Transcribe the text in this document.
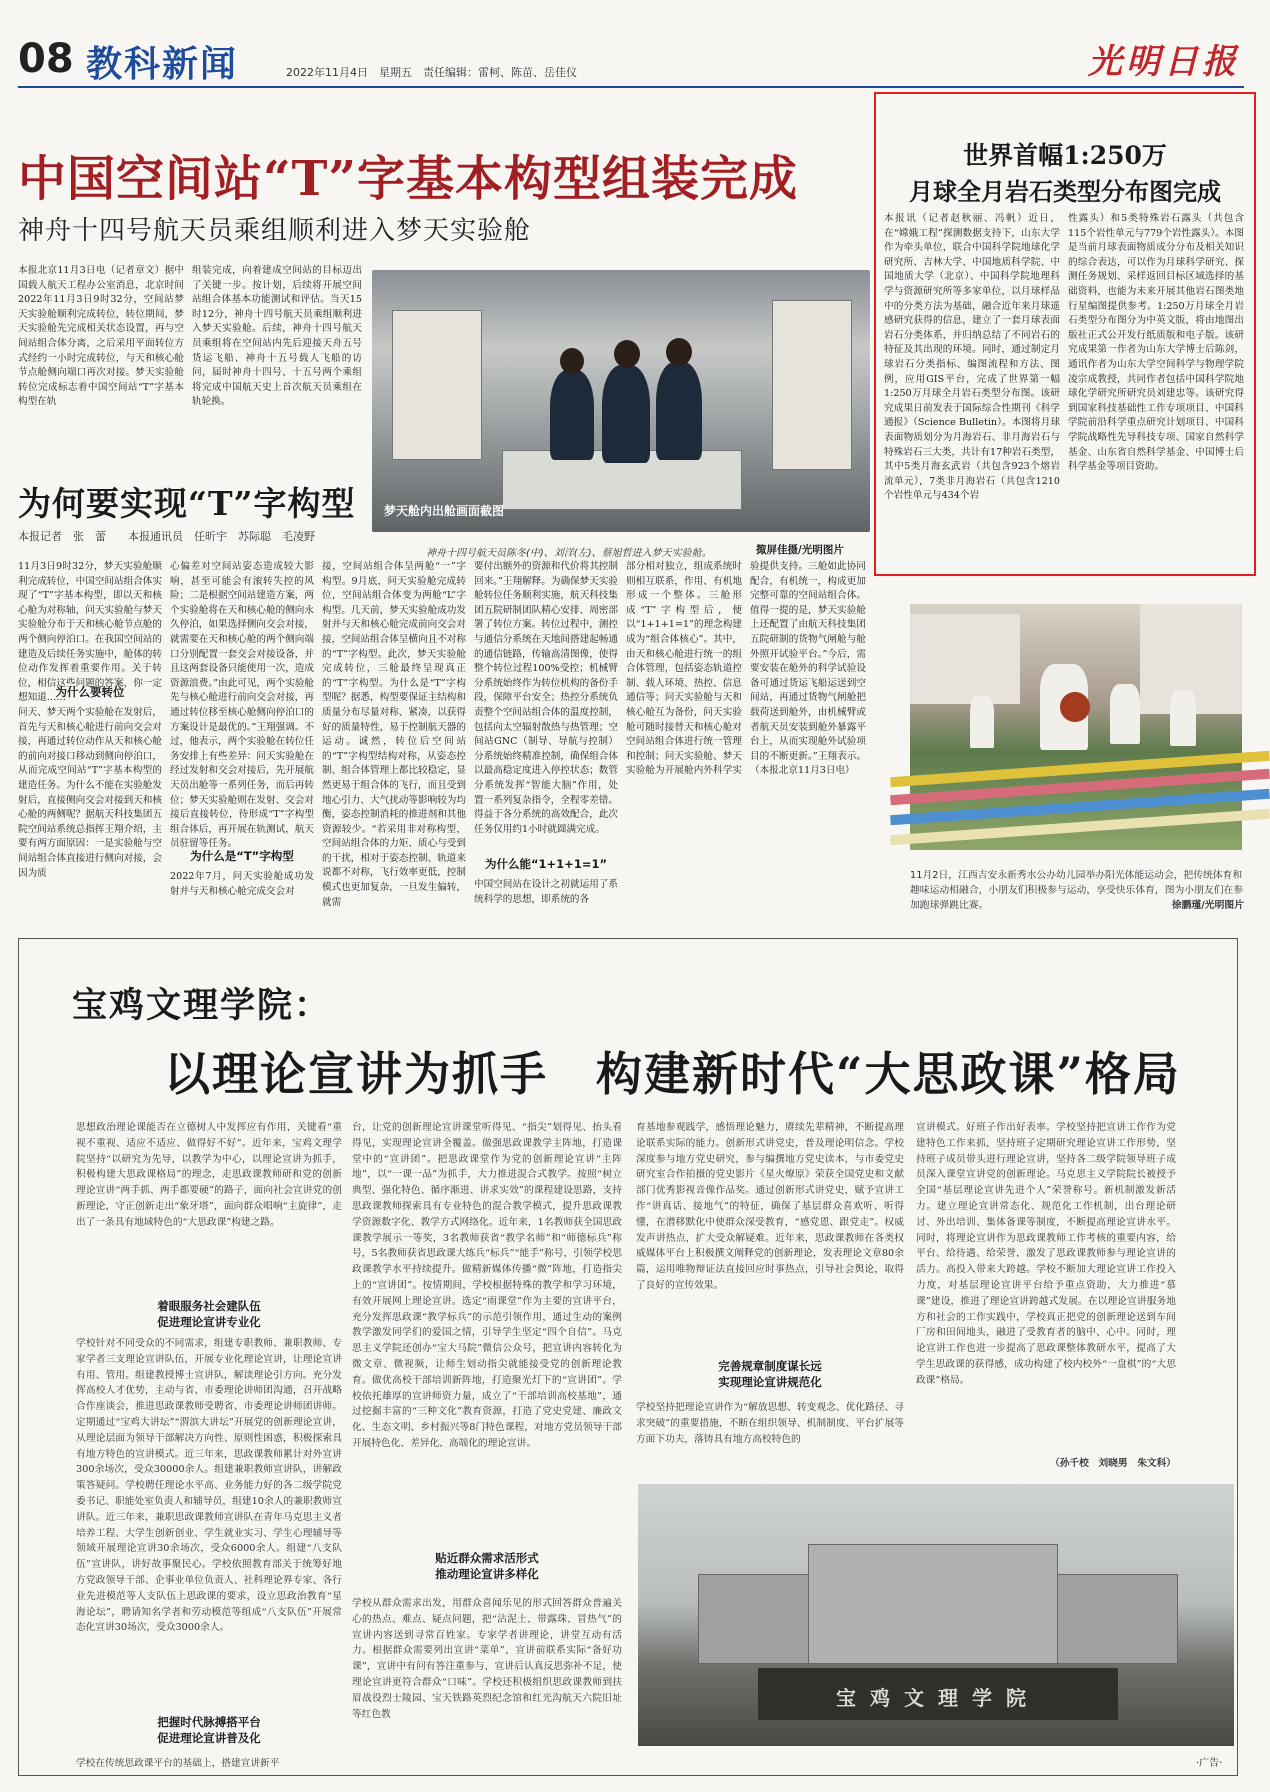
08 教科新闻	2022年11月4日　星期五　责任编辑：雷柯、陈苗、岳佳仪	光明日报
中国空间站“T”字基本构型组装完成
神舟十四号航天员乘组顺利进入梦天实验舱
本报北京11月3日电（记者章文）据中国载人航天工程办公室消息，北京时间2022年11月3日9时32分，空间站梦天实验舱顺利完成转位，转位期间，梦天实验舱先完成相关状态设置，再与空间站组合体分离，之后采用平面转位方式经约一小时完成转位，与天和核心舱节点舱侧向端口再次对接。梦天实验舱转位完成标志着中国空间站“T”字基本构型在轨
组装完成，向着建成空间站的目标迈出了关键一步。按计划，后续将开展空间站组合体基本功能测试和评估。当天15时12分，神舟十四号航天员乘组顺利进入梦天实验舱。后续，神舟十四号航天员乘组将在空间站内先后迎接天舟五号货运飞船、神舟十五号载人飞船的访问，届时神舟十四号、十五号两个乘组将完成中国航天史上首次航天员乘组在轨轮换。
梦天舱内出舱画面截图
神舟十四号航天员陈冬(中)、刘洋(左)、蔡旭哲进入梦天实验舱。	掫屏佳摄/光明图片
为何要实现“T”字构型
本报记者　张　蕾　　本报通讯员　任昕宇　苏际聪　毛凌野
11月3日9时32分，梦天实验舱顺利完成转位，中国空间站组合体实现了“T”字基本构型，即以天和核心舱为对称轴，问天实验舱与梦天实验舱分布于天和核心舱节点舱的两个侧向停泊口。在我国空间站的建造及后续任务实施中，舱体的转位动作发挥着重要作用。关于转位，相信这些问题的答案，你一定想知道……
为什么要转位
问天、梦天两个实验舱在发射后，首先与天和核心舱进行前向交会对接，再通过转位动作从天和核心舱的前向对接口移动到侧向停泊口，从而完成空间站“T”字基本构型的建造任务。为什么不能在实验舱发射后，直接侧向交会对接到天和核心舱的两侧呢？据航天科技集团五院空间站系统总指挥王翔介绍，主要有两方面原因：一是实验舱与空间站组合体直接进行侧向对接，会因为质
心偏差对空间站姿态造成较大影响，甚至可能会有滚转失控的风险；二是根据空间站建造方案，两个实验舱将在天和核心舱的侧向永久停泊，如果选择侧向交会对接，就需要在天和核心舱的两个侧向端口分别配置一套交会对接设备，并且这两套设备只能使用一次，造成资源浪费。”由此可见，两个实验舱先与核心舱进行前向交会对接，再通过转位移至核心舱侧向停泊口的方案设计是最优的。”王翔强调。不过，他表示，两个实验舱在转位任务安排上有些差异：问天实验舱在经过发射和交会对接后，先开展航天员出舱等一系列任务，而后再转位；梦天实验舱则在发射、交会对接后直接转位，待形成“T”字构型组合体后，再开展在轨测试，航天员驻留等任务。
为什么是“T”字构型
2022年7月，问天实验舱成功发射并与天和核心舱完成交会对
接，空间站组合体呈两舱“一”字构型。9月底，问天实验舱完成转位，空间站组合体变为两舱“L”字构型。几天前，梦天实验舱成功发射并与天和核心舱完成前向交会对接，空间站组合体呈横向且不对称的“T”字构型。此次，梦天实验舱完成转位，三舱最终呈现真正的“T”字构型。为什么是“T”字构型呢？据悉，构型要保证主结构和质量分布尽量对称、紧凑，以获得好的质量特性，易于控制航天器的运动。诚然，转位后空间站的“T”字构型结构对称，从姿态控制、组合体管理上都比较稳定，显然更易于组合体的飞行，而且受到地心引力、大气扰动等影响较为均衡，姿态控制消耗的推进剂和其他资源较少。“若采用非对称构型，空间站组合体的力矩、质心与受到的干扰，相对于姿态控制、轨道来说都不对称，飞行效率更低，控制模式也更加复杂，一旦发生偏转，就需
要付出额外的资源和代价将其控制回来。”王翔解释。为确保梦天实验舱转位任务顺利实施，航天科技集团五院研制团队精心安排、周密部署了转位方案。转位过程中，测控与通信分系统在天地间搭建起畅通的通信链路，传输高清图像，使得整个转位过程100%受控；机械臂分系统始终作为转位机构的备份手段，保障平台安全；热控分系统负责整个空间站组合体的温度控制，包括向太空辐射散热与热管理；空间站GNC（制导、导航与控制）分系统始终精准控制，确保组合体以最高稳定度进入停控状态；数管分系统发挥“智能大脑”作用，处置一系列复杂指令，全程零差错。得益于各分系统的高效配合，此次任务仅用约1小时就圆满完成。
为什么能“1+1+1=1”
中国空间站在设计之初就运用了系统科学的思想，即系统的各
部分相对独立，组成系统时则相互联系，作用、有机地形成一个整体。三舱形成“T”字构型后，便以“1+1+1=1”的理念构建成为“组合体核心”。其中，由天和核心舱进行统一的组合体管理，包括姿态轨道控制、载人环境、热控、信息通信等；问天实验舱与天和核心舱互为备份，问天实验舱可随时接替天和核心舱对空间站组合体进行统一管理和控制；问天实验舱、梦天实验舱为开展舱内外科学实验提供支持。三舱如此协同配合，有机统一，构成更加完整可靠的空间站组合体。值得一提的是，梦天实验舱上还配置了由航天科技集团五院研制的货物气闸舱与舱外照开试验平台。”今后，需要安装在舱外的科学试验设备可通过货运飞船运送到空间站，再通过货物气闸舱把载荷送到舱外，由机械臂或者航天员安装到舱外暴露平台上，从而实现舱外试验项目的不断更新。”王翔表示。（本报北京11月3日电）
世界首幅1:250万
月球全月岩石类型分布图完成
本报讯（记者赵秋丽、冯帆）近日，在“嫦娥工程”探测数据支持下，山东大学作为牵头单位，联合中国科学院地球化学研究所、吉林大学、中国地质科学院、中国地质大学（北京）、中国科学院地理科学与资源研究所等多家单位，以月球样品中的分类方法为基础，融合近年来月球遥感研究获得的信息，建立了一套月球表面岩石分类体系，并归纳总结了不同岩石的特征及其出现的环境。同时，通过制定月球岩石分类指标、编图流程和方法、图例，应用GIS平台，完成了世界第一幅1:250万月球全月岩石类型分布图。该研究成果日前发表于国际综合性期刊《科学通报》（Science Bulletin）。本图将月球表面物质划分为月海岩石、非月海岩石与特殊岩石三大类，共计有17种岩石类型，其中5类月海玄武岩（共包含923个熔岩流单元），7类非月海岩石（共包含1210个岩性单元与434个岩
性露头）和5类特殊岩石露头（共包含115个岩性单元与779个岩性露头）。本图是当前月球表面物质成分分布及相关知识的综合表达，可以作为月球科学研究、探测任务规划、采样返回目标区域选择的基础资料，也能为未来开展其他岩石图类地行星编图提供参考。1:250万月球全月岩石类型分布图分为中英文版，将由地图出版社正式公开发行纸质版和电子版。该研究成果第一作者为山东大学博士后陈剑，通讯作者为山东大学空间科学与物理学院凌宗成教授，共同作者包括中国科学院地球化学研究所研究员刘建忠等。该研究得到国家科技基础性工作专项项目、中国科学院前沿科学重点研究计划项目、中国科学院战略性先导科技专项、国家自然科学基金、山东省自然科学基金、中国博士后科学基金等项目资助。
11月2日，江西吉安永新秀水公办幼儿园举办阳光体能运动会，把传统体育和趣味运动相融合，小朋友们积极参与运动，享受快乐体育，图为小朋友们在参加跑球弹跳比赛。	徐鹏瑾/光明图片
宝鸡文理学院：
以理论宣讲为抓手　构建新时代“大思政课”格局
思想政治理论课能否在立德树人中发挥应有作用，关键看“重视不重视、适应不适应、做得好不好”。近年来，宝鸡文理学院坚持“以研究为先导，以教学为中心，以理论宣讲为抓手，积极构建大思政课格局”的理念，走思政课教师研和党的创新理论宣讲“两手抓、两手都要硬”的路子，面向社会宣讲党的创新理论，守正创新走出“象牙塔”，面向群众唱响“主旋律”，走出了一条具有地域特色的“大思政课”构建之路。
着眼服务社会建队伍
促进理论宣讲专业化
学校针对不同受众的不同需求，组建专职教师、兼职教师、专家学者三支理论宣讲队伍，开展专业化理论宣讲，让理论宣讲有用、管用。组建教授博士宣讲队，解读理论引方向。充分发挥高校人才优势，主动与省、市委理论讲师团沟通，召开战略合作座谈会，推进思政课教师受聘省、市委理论讲师团讲师。定期通过“宝鸡大讲坛”“渭滨大讲坛”开展党的创新理论宣讲，从理论层面为领导干部解决方向性、原则性困惑，积极探索具有地方特色的宣讲模式。近三年来，思政课教师累计对外宣讲300余场次，受众30000余人。组建兼职教师宣讲队，讲解政策答疑问。学校聘任理论水平高、业务能力好的各二级学院党委书记、职能处室负责人和辅导员，组建10余人的兼职教师宣讲队。近三年来，兼职思政课教师宣讲队在青年马克思主义者培养工程、大学生创新创业、学生就业实习、学生心理辅导等领域开展理论宣讲30余场次，受众6000余人。组建“八支队伍”宣讲队，讲好故事聚民心。学校依照教育部关于统筹好地方党政领导干部、企事业单位负责人、社科理论界专家、各行业先进模范等人支队伍上思政课的要求，设立思政治教育“星海论坛”，聘请知名学者和劳动模范等组成“八支队伍”开展常态化宣讲30场次，受众3000余人。
把握时代脉搏搭平台
促进理论宣讲普及化
学校在传统思政课平台的基础上，搭建宣讲新平
台，让党的创新理论宣讲课堂听得见、“指尖”划得见、抬头看得见，实现理论宣讲全覆盖。做强思政课教学主阵地，打造课堂中的“宣讲团”。把思政课堂作为党的创新理论宣讲“主阵地”，以“一课一品”为抓手，大力推进混合式教学。按照“树立典型、强化特色、循序渐进、讲求实效”的课程建设思路，支持思政课教师探索具有专业特色的混合教学模式，提升思政课教学资源数字化、教学方式网络化。近年来，1名教师获全国思政课教学展示一等奖，3名教师获省“教学名师”和“师德标兵”称号，5名教师获省思政课大练兵“标兵”“能手”称号，引领学校思政课教学水平持续提升。做精新媒体传播“微”阵地，打造指尖上的“宣讲团”。按情期间，学校根据特殊的教学和学习环境，有效开展网上理论宣讲。选定“雨课堂”作为主要的宣讲平台，充分发挥思政课“教学标兵”的示范引领作用，通过生动的案例教学激发同学们的爱国之情，引导学生坚定“四个自信”。马克思主义学院还创办“宝大马院”微信公众号，把宣讲内容转化为微文章、微视频，让师生划动指尖就能接受党的创新理论教育。做优高校干部培训新阵地，打造聚光灯下的“宣讲团”。学校依托雄厚的宣讲师资力量，成立了“干部培训高校基地”，通过挖掘丰富的“三种文化”教育资源，打造了党史党建、廉政文化、生态文明、乡村振兴等8门特色课程，对地方党员领导干部开展特色化、差异化、高端化的理论宣讲。
贴近群众需求活形式
推动理论宣讲多样化
学校从群众需求出发，用群众喜闻乐见的形式回答群众普遍关心的热点、难点、疑点问题，把“沾泥土、带露珠、冒热气”的宣讲内容送到寻常百姓家。专家学者讲理论，讲堂互动有活力。根据群众需要列出宣讲“菜单”，宣讲前联系实际“备好功课”，宣讲中有问有答注重参与，宣讲后认真反思弥补不足，使理论宣讲更符合群众“口味”。学校还积极组织思政课教师到扶眉战役烈士陵园、宝天铁路英烈纪念馆和红光沟航天六院旧址等红色教
育基地参观践学，感悟理论魅力，赓续先辈精神，不断提高理论联系实际的能力。创新形式讲党史，普及理论明信念。学校深度参与地方党史研究，参与编撰地方党史读本，与市委党史研究室合作拍摄的党史影片《星火燎原》荣获全国党史和文献部门优秀影视音像作品奖。通过创新形式讲党史，赋予宣讲工作“讲真话、接地气”的特征，确保了基层群众喜欢听、听得懂，在潜移默化中使群众深受教育，“感党恩、跟党走”。权威发声讲热点，扩大受众解疑难。近年来，思政课教师在各类权威媒体平台上积极撰文阐释党的创新理论，发表理论文章80余篇，运用唯物辩证法直接回应时事热点，引导社会舆论，取得了良好的宣传效果。
完善规章制度谋长远
实现理论宣讲规范化
学校坚持把理论宣讲作为“解放思想、转变观念、优化路径、寻求突破”的重要措施，不断在组织领导、机制制度、平台扩展等方面下功夫，落铸具有地方高校特色的
宣讲模式。好班子作出好表率。学校坚持把宣讲工作作为党建特色工作来抓，坚持班子定期研究理论宣讲工作形势，坚持班子成员带头进行理论宣讲，坚持各二级学院领导班子成员深入课堂宣讲党的创新理论。马克思主义学院院长被授予全国“基层理论宣讲先进个人”荣誉称号。新机制激发新活力。建立理论宣讲常态化、规范化工作机制，出台理论研讨、外出培训、集体备课等制度，不断提高理论宣讲水平。同时，将理论宣讲作为思政课教师工作考核的重要内容，给平台、给待遇、给荣誉，激发了思政课教师参与理论宣讲的活力。高投入带来大跨越。学校不断加大理论宣讲工作投入力度，对基层理论宣讲平台给予重点资助，大力推进“慕课”建设，推进了理论宣讲跨越式发展。在以理论宣讲服务地方和社会的工作实践中，学校真正把党的创新理论送到车间厂房和田间地头，融进了受教育者的脑中、心中。同时，理论宣讲工作也进一步提高了思政课整体教研水平，提高了大学生思政课的获得感，成功构建了校内校外“一盘棋”的“大思政课”格局。
（孙千校　刘晓男　朱文科）
宝鸡文理学院
·广告·
